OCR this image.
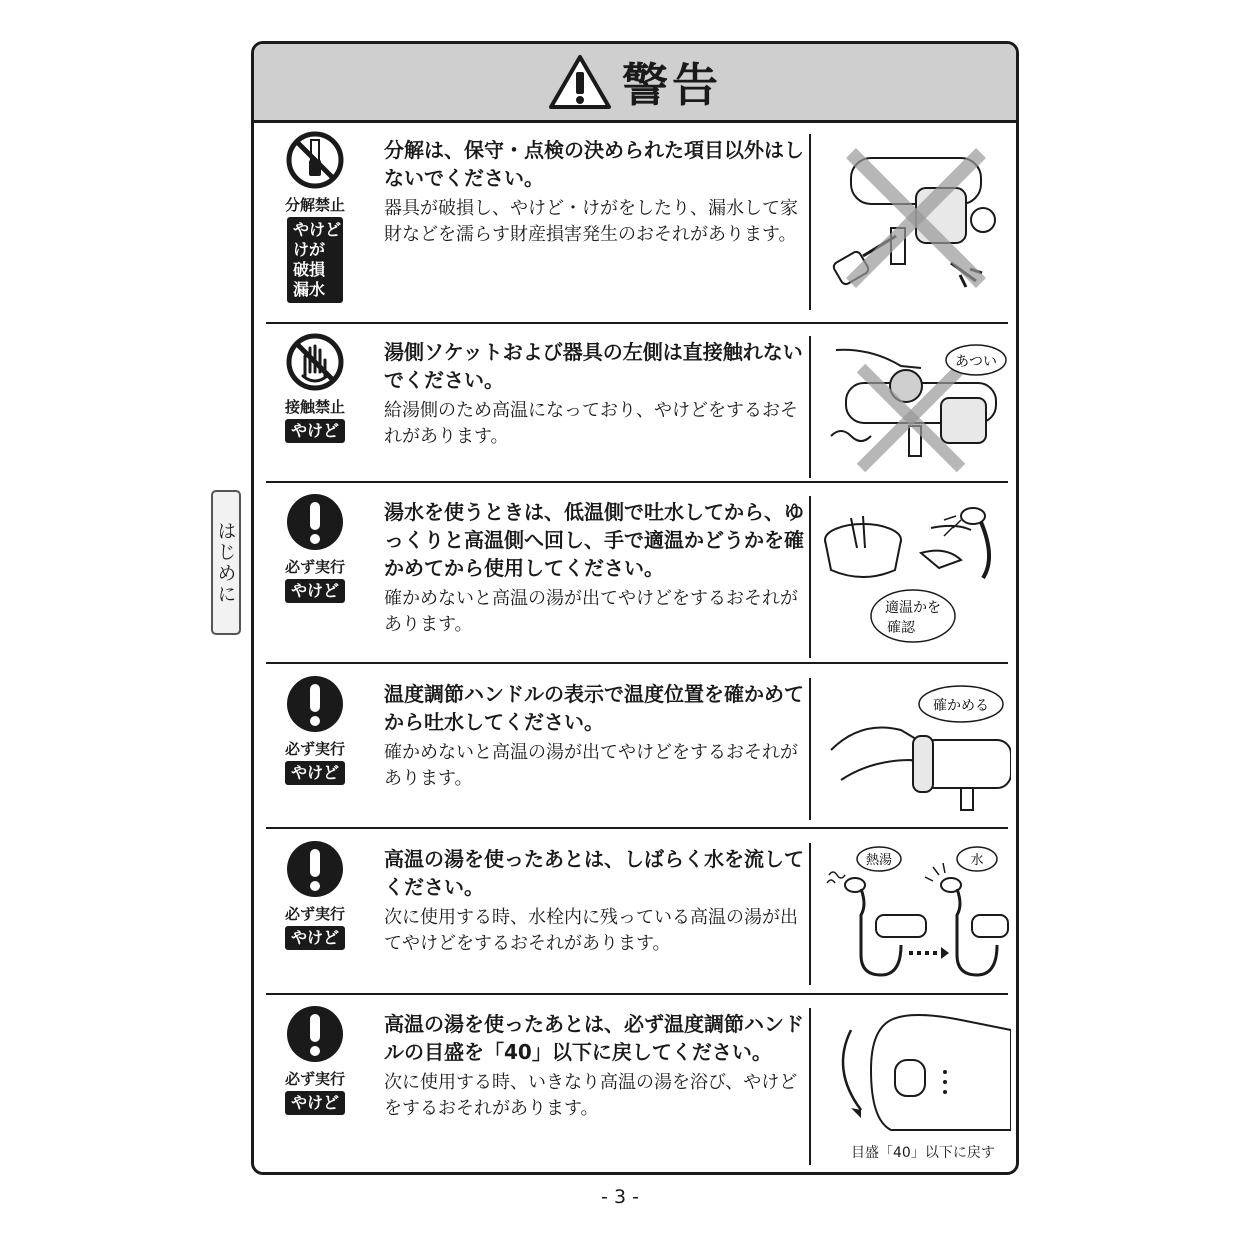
はじめに
警告
分解禁止
やけど
けが
破損
漏水

分解は、保守・点検の決められた項目以外はしないでください。

器具が破損し、やけど・けがをしたり、漏水して家財などを濡らす財産損害発生のおそれがあります。

接触禁止
やけど

湯側ソケットおよび器具の左側は直接触れないでください。

給湯側のため高温になっており、やけどをするおそれがあります。

あつい
必ず実行
やけど

湯水を使うときは、低温側で吐水してから、ゆっくりと高温側へ回し、手で適温かどうかを確かめてから使用してください。

確かめないと高温の湯が出てやけどをするおそれがあります。

適温かを
確認
必ず実行
やけど

温度調節ハンドルの表示で温度位置を確かめてから吐水してください。

確かめないと高温の湯が出てやけどをするおそれがあります。

確かめる
必ず実行
やけど

高温の湯を使ったあとは、しばらく水を流してください。

次に使用する時、水栓内に残っている高温の湯が出てやけどをするおそれがあります。

熱湯	水
必ず実行
やけど

高温の湯を使ったあとは、必ず温度調節ハンドルの目盛を「40」以下に戻してください。

次に使用する時、いきなり高温の湯を浴び、やけどをするおそれがあります。

目盛「40」以下に戻す
- 3 -
